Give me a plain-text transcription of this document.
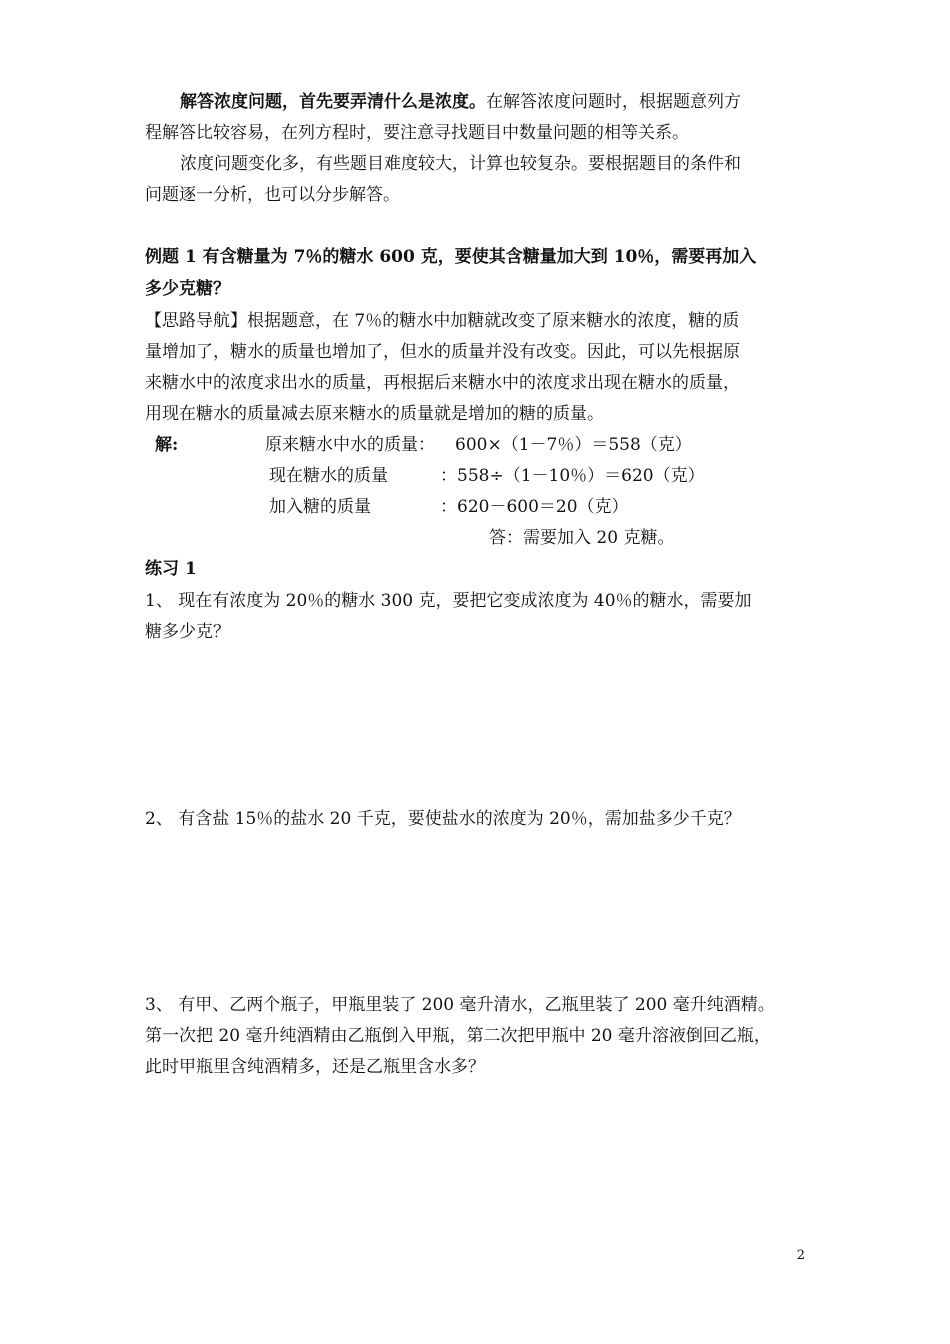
解答浓度问题，首先要弄清什么是浓度。在解答浓度问题时，根据题意列方
程解答比较容易，在列方程时，要注意寻找题目中数量问题的相等关系。
浓度问题变化多，有些题目难度较大，计算也较复杂。要根据题目的条件和
问题逐一分析，也可以分步解答。
例题 1 有含糖量为 7％的糖水 600 克，要使其含糖量加大到 10％，需要再加入
多少克糖？
【思路导航】根据题意，在 7％的糖水中加糖就改变了原来糖水的浓度，糖的质
量增加了，糖水的质量也增加了，但水的质量并没有改变。因此，可以先根据原
来糖水中的浓度求出水的质量，再根据后来糖水中的浓度求出现在糖水的质量，
用现在糖水的质量减去原来糖水的质量就是增加的糖的质量。
解:	原来糖水中水的质量： 600×（1－7％）＝558（克）
现在糖水的质量	：558÷（1－10％）＝620（克）
加入糖的质量	：620－600＝20（克）
答：需要加入 20 克糖。
练习 1
1、 现在有浓度为 20％的糖水 300 克，要把它变成浓度为 40％的糖水，需要加
糖多少克？
2、 有含盐 15％的盐水 20 千克，要使盐水的浓度为 20％，需加盐多少千克？
3、 有甲、乙两个瓶子，甲瓶里装了 200 毫升清水，乙瓶里装了 200 毫升纯酒精。
第一次把 20 毫升纯酒精由乙瓶倒入甲瓶，第二次把甲瓶中 20 毫升溶液倒回乙瓶，
此时甲瓶里含纯酒精多，还是乙瓶里含水多？
2
